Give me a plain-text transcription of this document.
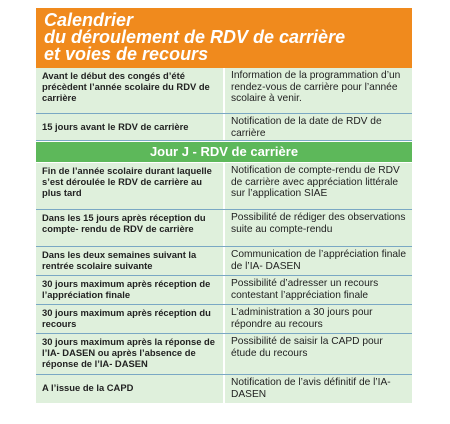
Calendrier
du déroulement de RDV de carrière
et voies de recours
Avant le début des congés d’été précèdent l’année scolaire du RDV de carrière
Information de la programmation d’un rendez-vous de carrière pour l’année scolaire à venir.
15 jours avant le RDV de carrière	Notification de la date de RDV de carrière
Jour J - RDV de carrière
Fin de l’année scolaire durant laquelle s’est déroulée le RDV de carrière au plus tard
Notification de compte-rendu de RDV de carrière avec appréciation littérale sur l’application SIAE
Dans les 15 jours après réception du compte- rendu de RDV de carrière
Possibilité de rédiger des observations suite au compte-rendu
Dans les deux semaines suivant la rentrée scolaire suivante
Communication de l’appréciation finale de l’IA- DASEN
30 jours maximum après réception de l’appréciation finale
Possibilité d’adresser un recours contestant l’appréciation finale
30 jours maximum après réception du recours
L’administration a 30 jours pour répondre au recours
30 jours maximum après la réponse de l’IA- DASEN ou après l’absence de réponse de l’IA- DASEN
Possibilité de saisir la CAPD pour étude du recours
A l’issue de la CAPD	Notification de l’avis définitif de l’IA-DASEN
